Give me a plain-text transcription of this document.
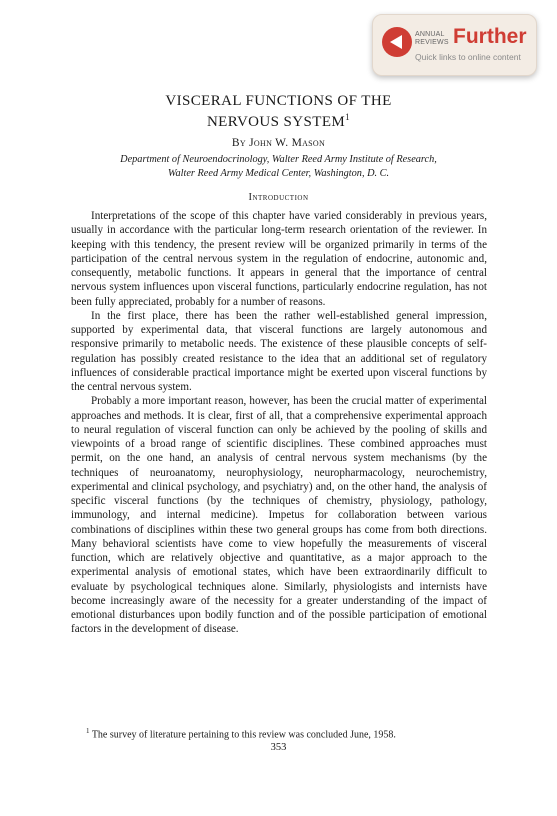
ANNUAL
REVIEWS Further
Quick links to online content
VISCERAL FUNCTIONS OF THE
NERVOUS SYSTEM$^1$
By John W. Mason
Department of Neuroendocrinology, Walter Reed Army Institute of Research,
Walter Reed Army Medical Center, Washington, D. C.
Introduction

Interpretations of the scope of this chapter have varied considerably in previous years, usually in accordance with the particular long-term research orientation of the reviewer. In keeping with this tendency, the present review will be organized primarily in terms of the participation of the central nervous system in the regulation of endocrine, autonomic and, consequently, metabolic functions. It appears in general that the importance of central nervous system influences upon visceral functions, particularly endocrine regulation, has not been fully appreciated, probably for a number of reasons.

In the first place, there has been the rather well-established general impression, supported by experimental data, that visceral functions are largely autonomous and responsive primarily to metabolic needs. The existence of these plausible concepts of self-regulation has possibly created resistance to the idea that an additional set of regulatory influences of considerable practical importance might be exerted upon visceral functions by the central nervous system.

Probably a more important reason, however, has been the crucial matter of experimental approaches and methods. It is clear, first of all, that a comprehensive experimental approach to neural regulation of visceral function can only be achieved by the pooling of skills and viewpoints of a broad range of scientific disciplines. These combined approaches must permit, on the one hand, an analysis of central nervous system mechanisms (by the techniques of neuroanatomy, neurophysiology, neuropharmacology, neurochemistry, experimental and clinical psychology, and psychiatry) and, on the other hand, the analysis of specific visceral functions (by the techniques of chemistry, physiology, pathology, immunology, and internal medicine). Impetus for collaboration between various combinations of disciplines within these two general groups has come from both directions. Many behavioral scientists have come to view hopefully the measurements of visceral function, which are relatively objective and quantitative, as a major approach to the experimental analysis of emotional states, which have been extraordinarily difficult to evaluate by psychological techniques alone. Similarly, physiologists and internists have become increasingly aware of the necessity for a greater understanding of the impact of emotional disturbances upon bodily function and of the possible participation of emotional factors in the development of disease.

$^1$ The survey of literature pertaining to this review was concluded June, 1958.
353
